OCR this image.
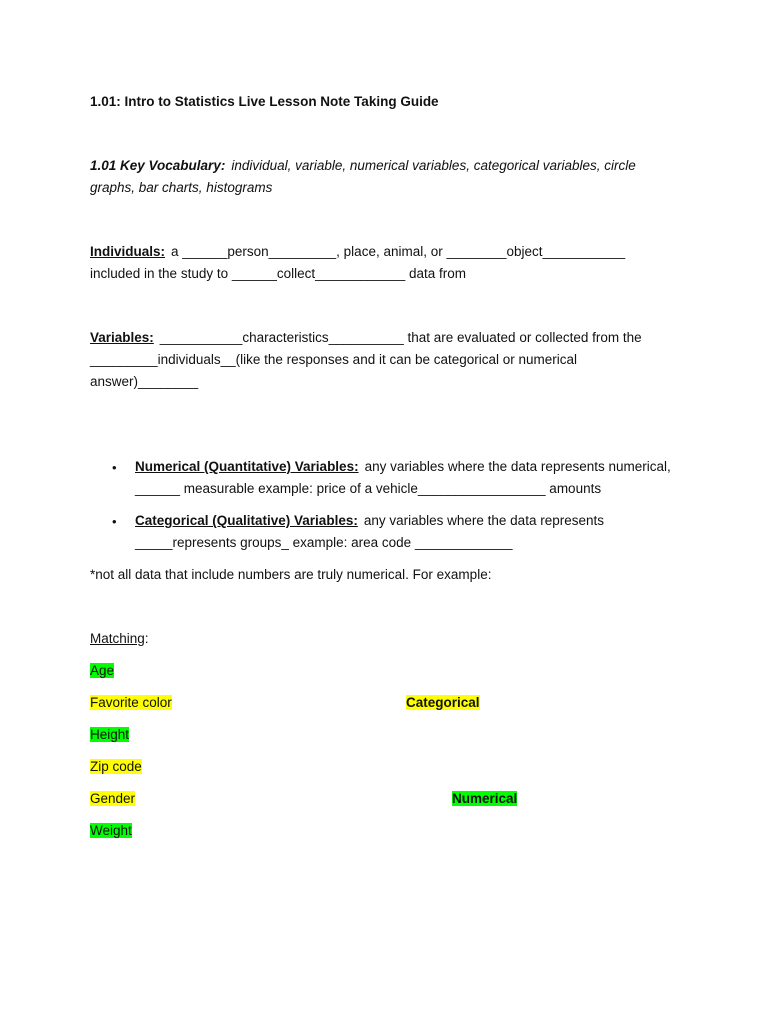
1.01: Intro to Statistics Live Lesson Note Taking Guide
1.01 Key Vocabulary: individual, variable, numerical variables, categorical variables, circle
graphs, bar charts, histograms
Individuals: a ______person_________, place, animal, or ________object___________
included in the study to ______collect____________ data from
Variables: ___________characteristics__________ that are evaluated or collected from the
_________individuals__(like the responses and it can be categorical or numerical
answer)________
• Numerical (Quantitative) Variables: any variables where the data represents numerical,
______ measurable example: price of a vehicle_________________ amounts
• Categorical (Qualitative) Variables: any variables where the data represents
_____represents groups_ example: area code _____________
*not all data that include numbers are truly numerical. For example:
Matching:
Age
Favorite color
Height
Zip code
Gender
Weight
Categorical
Numerical
